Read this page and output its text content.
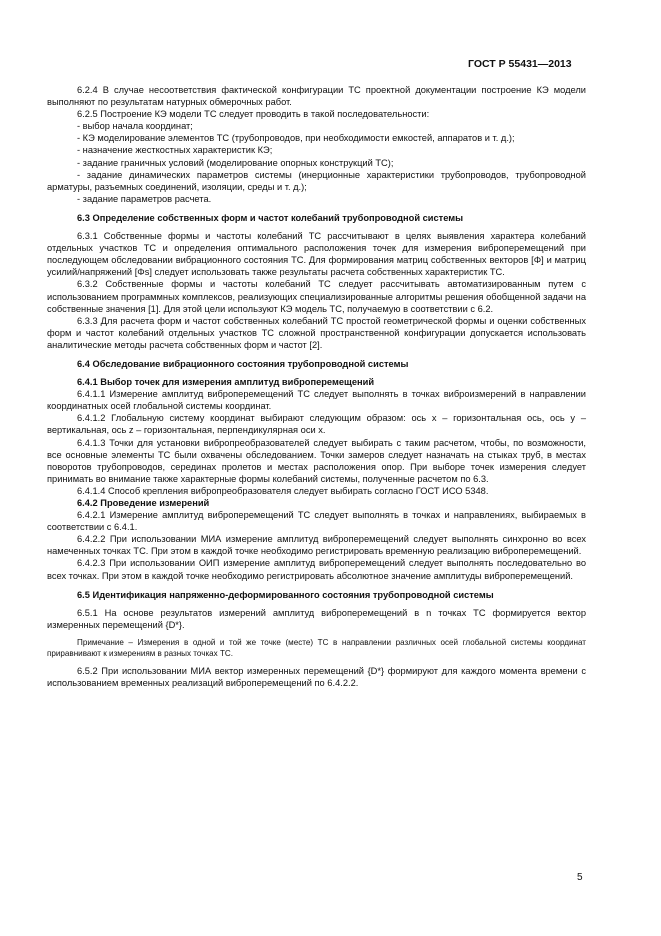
ГОСТ Р 55431—2013

6.2.4 В случае несоответствия фактической конфигурации ТС проектной документации построение КЭ модели выполняют по результатам натурных обмерочных работ.

6.2.5 Построение КЭ модели ТС следует проводить в такой последовательности:

- выбор начала координат;

- КЭ моделирование элементов ТС (трубопроводов, при необходимости емкостей, аппаратов и т. д.);

- назначение жесткостных характеристик КЭ;

- задание граничных условий (моделирование опорных конструкций ТС);

- задание динамических параметров системы (инерционные характеристики трубопроводов, трубопроводной арматуры, разъемных соединений, изоляции, среды и т. д.);

- задание параметров расчета.

6.3 Определение собственных форм и частот колебаний трубопроводной системы

6.3.1 Собственные формы и частоты колебаний ТС рассчитывают в целях выявления характера колебаний отдельных участков ТС и определения оптимального расположения точек для измерения виброперемещений при последующем обследовании вибрационного состояния ТС. Для формирования матриц собственных векторов [Φ] и матриц усилий/напряжений [Φs] следует использовать также результаты расчета собственных характеристик ТС.

6.3.2 Собственные формы и частоты колебаний ТС следует рассчитывать автоматизированным путем с использованием программных комплексов, реализующих специализированные алгоритмы решения обобщенной задачи на собственные значения [1]. Для этой цели используют КЭ модель ТС, получаемую в соответствии с 6.2.

6.3.3 Для расчета форм и частот собственных колебаний ТС простой геометрической формы и оценки собственных форм и частот колебаний отдельных участков ТС сложной пространственной конфигурации допускается использовать аналитические методы расчета собственных форм и частот [2].

6.4 Обследование вибрационного состояния трубопроводной системы

6.4.1 Выбор точек для измерения амплитуд виброперемещений

6.4.1.1 Измерение амплитуд виброперемещений ТС следует выполнять в точках виброизмерений в направлении координатных осей глобальной системы координат.

6.4.1.2 Глобальную систему координат выбирают следующим образом: ось x – горизонтальная ось, ось y – вертикальная, ось z – горизонтальная, перпендикулярная оси x.

6.4.1.3 Точки для установки вибропреобразователей следует выбирать с таким расчетом, чтобы, по возможности, все основные элементы ТС были охвачены обследованием. Точки замеров следует назначать на стыках труб, в местах поворотов трубопроводов, серединах пролетов и местах расположения опор. При выборе точек измерения следует принимать во внимание также характерные формы колебаний системы, полученные расчетом по 6.3.

6.4.1.4 Способ крепления вибропреобразователя следует выбирать согласно ГОСТ ИСО 5348.

6.4.2 Проведение измерений

6.4.2.1 Измерение амплитуд виброперемещений ТС следует выполнять в точках и направлениях, выбираемых в соответствии с 6.4.1.

6.4.2.2 При использовании МИА измерение амплитуд виброперемещений следует выполнять синхронно во всех намеченных точках ТС. При этом в каждой точке необходимо регистрировать временную реализацию виброперемещений.

6.4.2.3 При использовании ОИП измерение амплитуд виброперемещений следует выполнять последовательно во всех точках. При этом в каждой точке необходимо регистрировать абсолютное значение амплитуды виброперемещений.

6.5 Идентификация напряженно-деформированного состояния трубопроводной системы

6.5.1 На основе результатов измерений амплитуд виброперемещений в n точках ТС формируется вектор измеренных перемещений {D*}.

Примечание – Измерения в одной и той же точке (месте) ТС в направлении различных осей глобальной системы координат приравнивают к измерениям в разных точках ТС.

6.5.2 При использовании МИА вектор измеренных перемещений {D*} формируют для каждого момента времени с использованием временных реализаций виброперемещений по 6.4.2.2.

5
